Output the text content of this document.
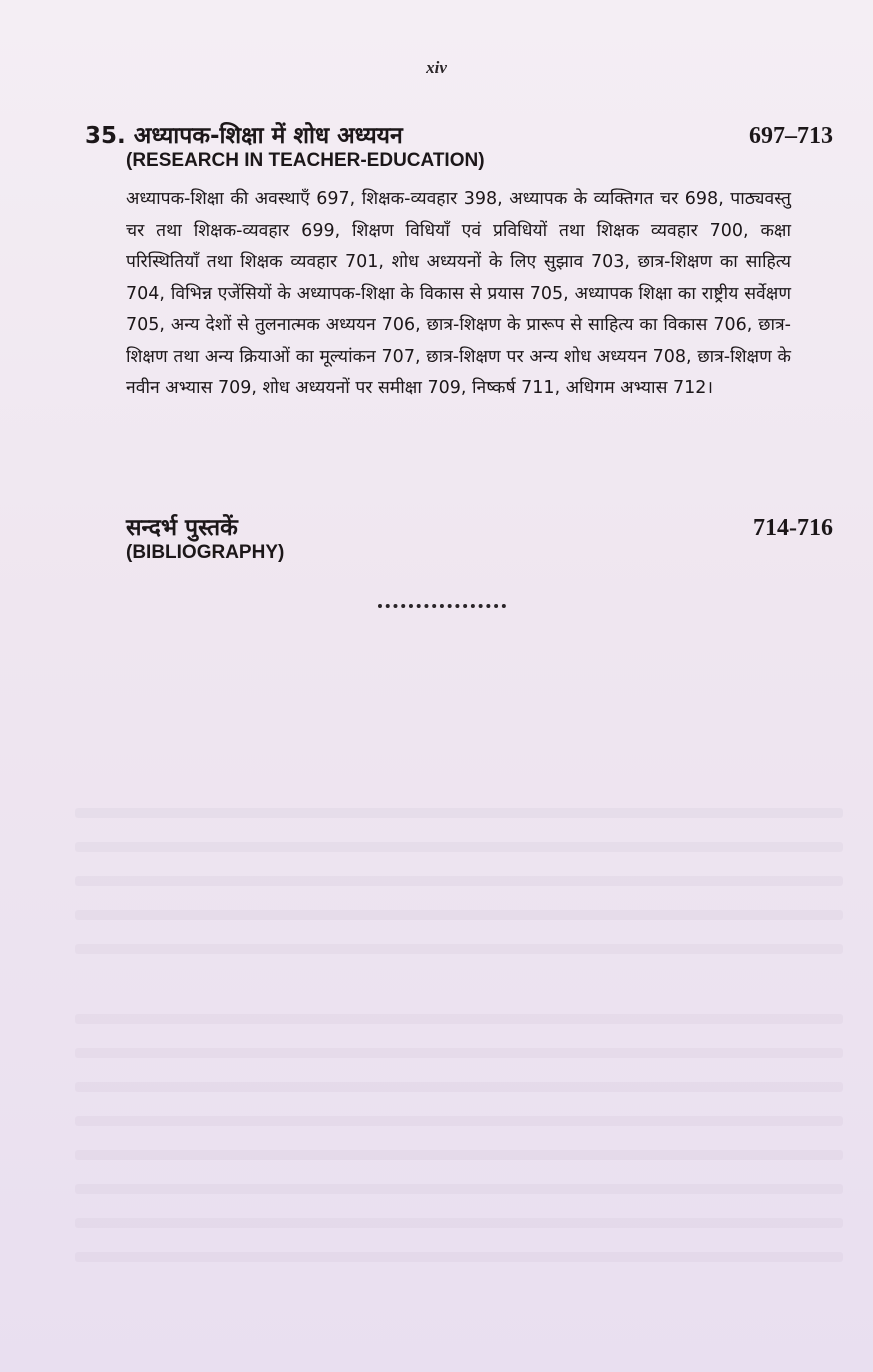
xiv
35. अध्यापक-शिक्षा में शोध अध्ययन	697–713
(RESEARCH IN TEACHER-EDUCATION)
अध्यापक-शिक्षा की अवस्थाएँ 697, शिक्षक-व्यवहार 398, अध्यापक के व्यक्तिगत चर 698, पाठ्यवस्तु चर तथा शिक्षक-व्यवहार 699, शिक्षण विधियाँ एवं प्रविधियों तथा शिक्षक व्यवहार 700, कक्षा परिस्थितियाँ तथा शिक्षक व्यवहार 701, शोध अध्ययनों के लिए सुझाव 703, छात्र-शिक्षण का साहित्य 704, विभिन्न एजेंसियों के अध्यापक-शिक्षा के विकास से प्रयास 705, अध्यापक शिक्षा का राष्ट्रीय सर्वेक्षण 705, अन्य देशों से तुलनात्मक अध्ययन 706, छात्र-शिक्षण के प्रारूप से साहित्य का विकास 706, छात्र-शिक्षण तथा अन्य क्रियाओं का मूल्यांकन 707, छात्र-शिक्षण पर अन्य शोध अध्ययन 708, छात्र-शिक्षण के नवीन अभ्यास 709, शोध अध्ययनों पर समीक्षा 709, निष्कर्ष 711, अधिगम अभ्यास 712।
सन्दर्भ पुस्तकें	714-716
(BIBLIOGRAPHY)
